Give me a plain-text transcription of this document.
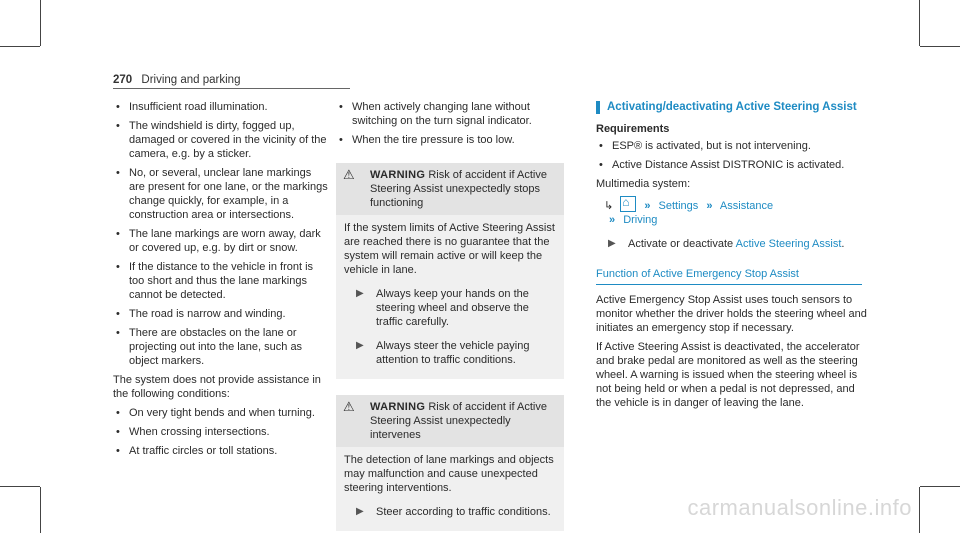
270 Driving and parking
• Insufficient road illumination.
• The windshield is dirty, fogged up, damaged or covered in the vicinity of the camera, e.g. by a sticker.
• No, or several, unclear lane markings are present for one lane, or the markings change quickly, for example, in a construction area or intersections.
• The lane markings are worn away, dark or covered up, e.g. by dirt or snow.
• If the distance to the vehicle in front is too short and thus the lane markings cannot be detected.
• The road is narrow and winding.
• There are obstacles on the lane or projecting out into the lane, such as object markers.

The system does not provide assistance in the following conditions:

• On very tight bends and when turning.
• When crossing intersections.
• At traffic circles or toll stations.
• When actively changing lane without switching on the turn signal indicator.
• When the tire pressure is too low.
⚠	WARNING Risk of accident if Active Steering Assist unexpectedly stops functioning

If the system limits of Active Steering Assist are reached there is no guarantee that the system will remain active or will keep the vehicle in lane.

▶ Always keep your hands on the steering wheel and observe the traffic carefully.
▶ Always steer the vehicle paying attention to traffic conditions.
⚠	WARNING Risk of accident if Active Steering Assist unexpectedly intervenes

The detection of lane markings and objects may malfunction and cause unexpected steering interventions.

▶ Steer according to traffic conditions.
Activating/deactivating Active Steering Assist
Requirements
• ESP® is activated, but is not intervening.
• Active Distance Assist DISTRONIC is activated.

Multimedia system:

↳ ⌂	» Settings » Assistance
» Driving
▶ Activate or deactivate Active Steering Assist.
Function of Active Emergency Stop Assist

Active Emergency Stop Assist uses touch sensors to monitor whether the driver holds the steering wheel and initiates an emergency stop if necessary.

If Active Steering Assist is deactivated, the accelerator and brake pedal are monitored as well as the steering wheel. A warning is issued when the steering wheel is not being held or when a pedal is not depressed, and the vehicle is in danger of leaving the lane.

carmanualsonline.info
